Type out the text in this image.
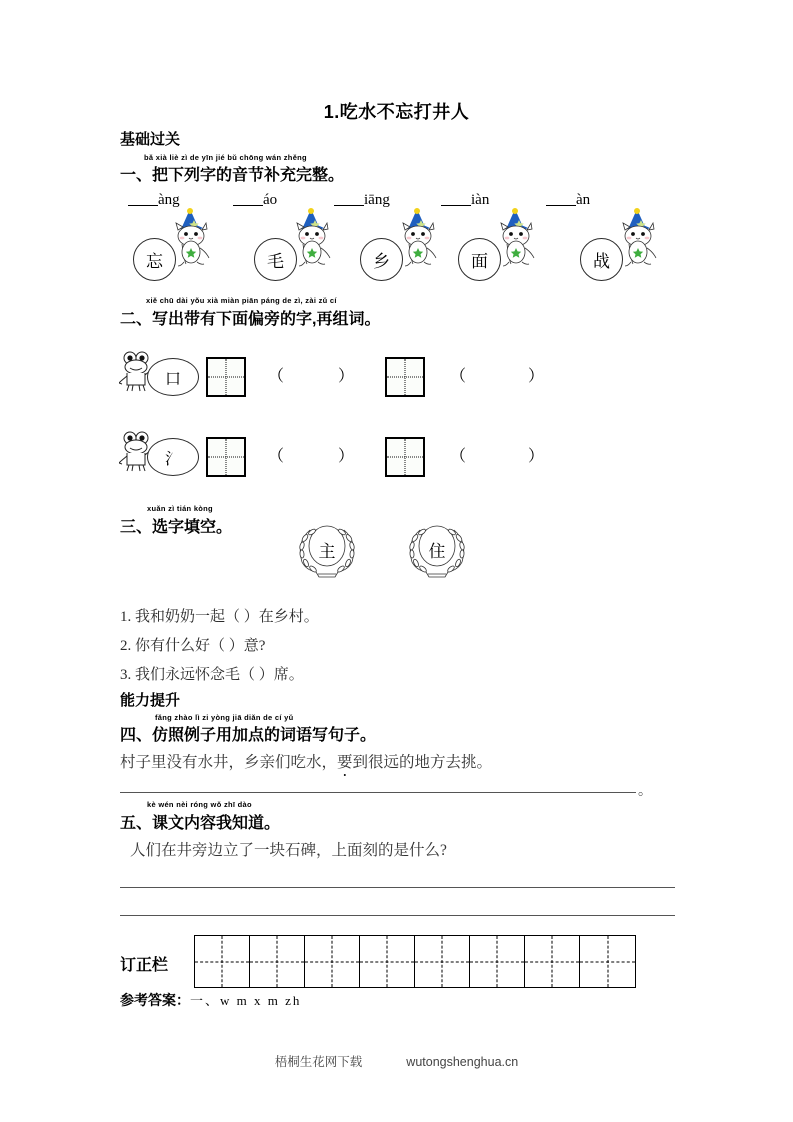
1.吃水不忘打井人
基础过关
bǎ xià liè zì de yīn jié bǔ chōng wán zhěng
一、把下列字的音节补充完整。
àng	áo	iāng	iàn	àn
忘	毛	乡	面	战
xiě chū dài yǒu xià miàn piān páng de zì, zài zǔ cí
二、写出带有下面偏旁的字,再组词。
口	（	）	（	）
氵	（	）	（	）
xuǎn zì tián kòng
三、选字填空。
主	住
1. 我和奶奶一起（ ）在乡村。
2. 你有什么好（ ）意?
3. 我们永远怀念毛（ ）席。
能力提升
fǎng zhào lì zi yòng jiā diǎn de cí yǔ
四、仿照例子用加点的词语写句子。
村子里没有水井，乡亲们吃水，要到很远的地方去挑。
。
kè wén nèi róng wǒ zhī dào
五、课文内容我知道。
人们在井旁边立了一块石碑，上面刻的是什么?
订正栏
参考答案：一、w m x m zh
梧桐生花网下载	wutongshenghua.cn
